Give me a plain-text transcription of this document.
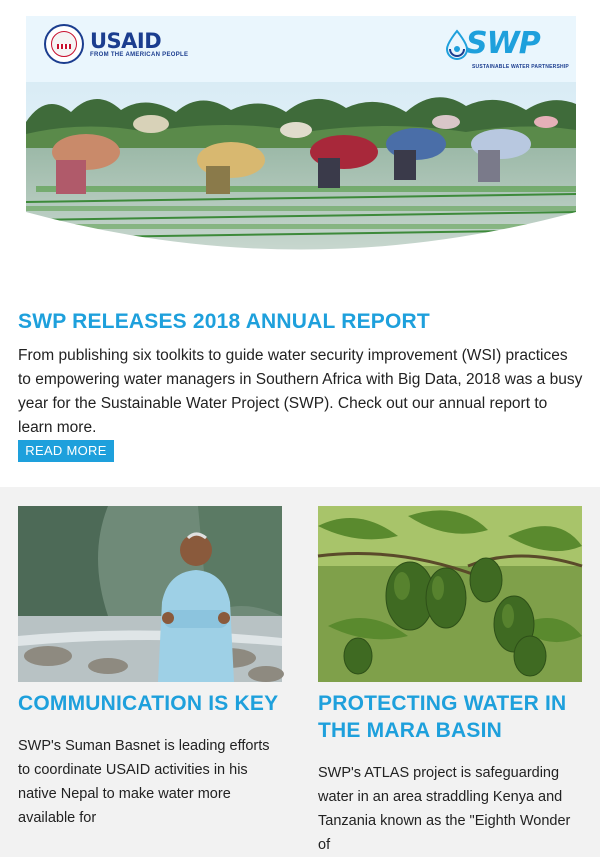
USAID
FROM THE AMERICAN PEOPLE	SWP
SUSTAINABLE WATER PARTNERSHIP
SWP RELEASES 2018 ANNUAL REPORT
From publishing six toolkits to guide water security improvement (WSI) practices to empowering water managers in Southern Africa with Big Data, 2018 was a busy year for the Sustainable Water Project (SWP). Check out our annual report to learn more.
READ MORE
COMMUNICATION IS KEY
SWP's Suman Basnet is leading efforts to coordinate USAID activities in his native Nepal to make water more available for
PROTECTING WATER IN THE MARA BASIN
SWP's ATLAS project is safeguarding water in an area straddling Kenya and Tanzania known as the "Eighth Wonder of
